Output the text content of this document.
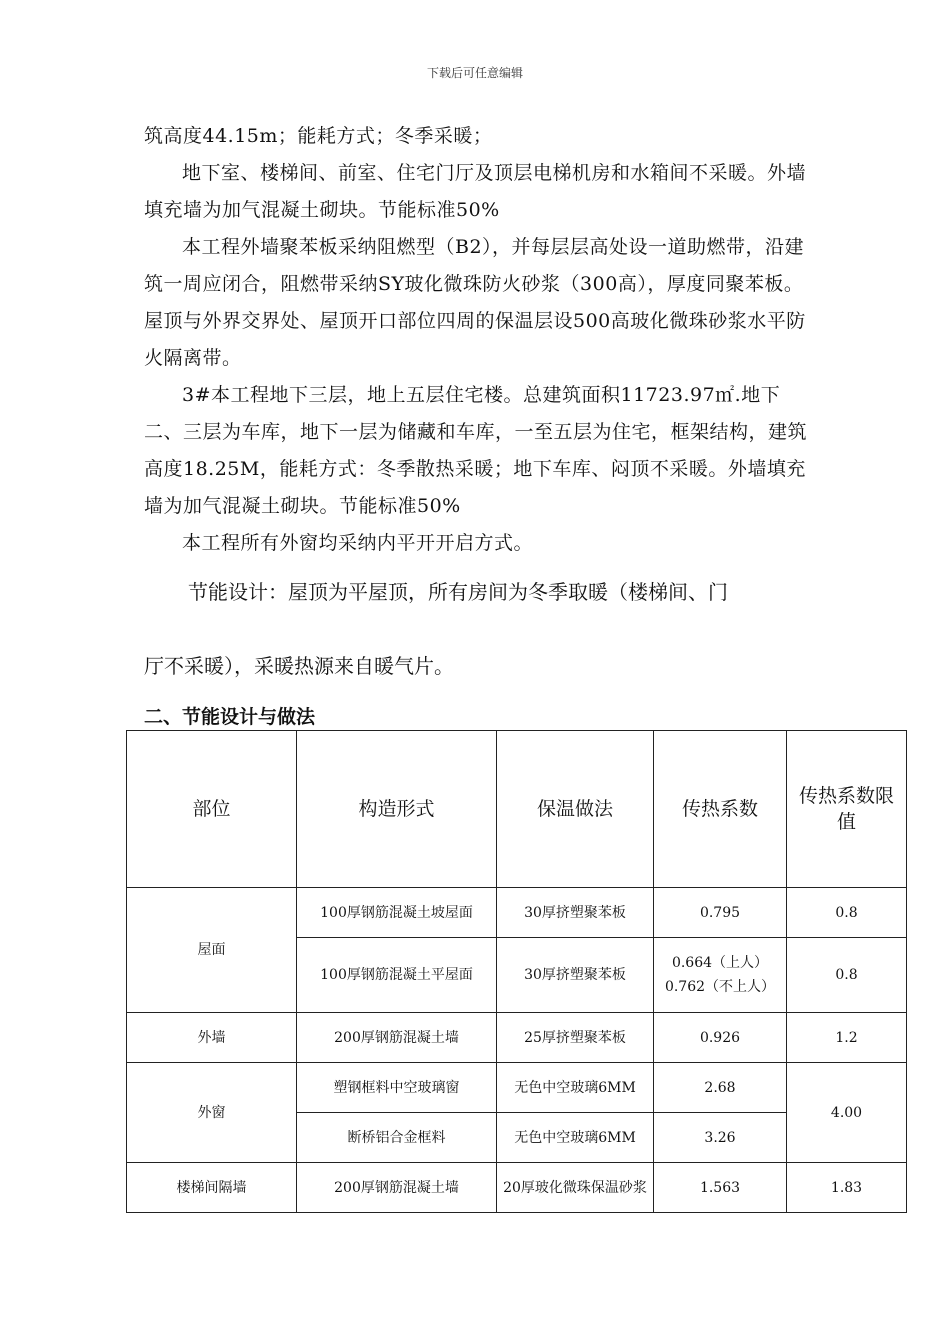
下载后可任意编辑

筑高度44.15m；能耗方式；冬季采暖；

地下室、楼梯间、前室、住宅门厅及顶层电梯机房和水箱间不采暖。外墙填充墙为加气混凝土砌块。节能标准50%

本工程外墙聚苯板采纳阻燃型（B2），并每层层高处设一道助燃带，沿建筑一周应闭合，阻燃带采纳SY玻化微珠防火砂浆（300高），厚度同聚苯板。屋顶与外界交界处、屋顶开口部位四周的保温层设500高玻化微珠砂浆水平防火隔离带。

3#本工程地下三层，地上五层住宅楼。总建筑面积11723.97㎡.地下二、三层为车库，地下一层为储藏和车库，一至五层为住宅，框架结构，建筑高度18.25M，能耗方式：冬季散热采暖；地下车库、闷顶不采暖。外墙填充墙为加气混凝土砌块。节能标准50%

本工程所有外窗均采纳内平开开启方式。

节能设计：屋顶为平屋顶，所有房间为冬季取暖（楼梯间、门
厅不采暖），采暖热源来自暖气片。
二、节能设计与做法
部位	构造形式	保温做法	传热系数	传热系数限值
屋面	100厚钢筋混凝土坡屋面	30厚挤塑聚苯板	0.795	0.8
	100厚钢筋混凝土平屋面	30厚挤塑聚苯板	0.664（上人）0.762（不上人）	0.8
外墙	200厚钢筋混凝土墙	25厚挤塑聚苯板	0.926	1.2
外窗	塑钢框料中空玻璃窗	无色中空玻璃6MM	2.68	4.00
	断桥铝合金框料	无色中空玻璃6MM	3.26	
楼梯间隔墙	200厚钢筋混凝土墙	20厚玻化微珠保温砂浆	1.563	1.83
